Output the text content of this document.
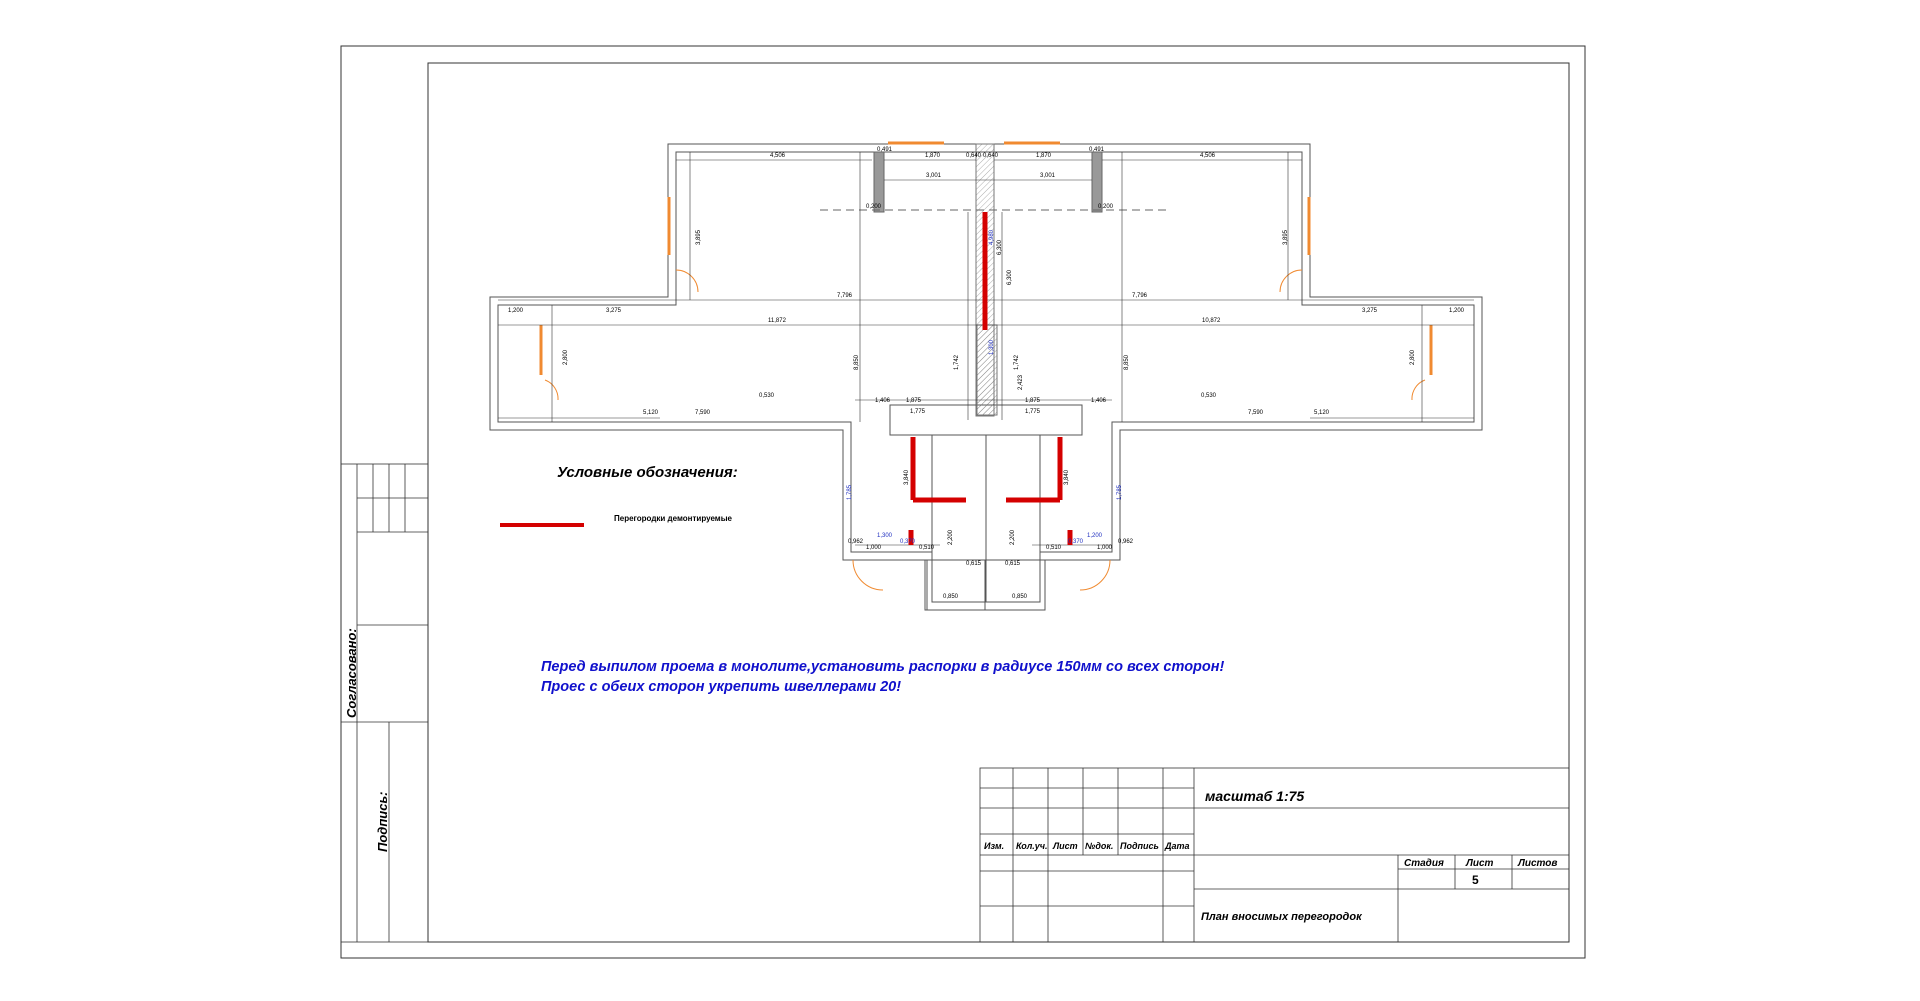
Согласовано:
Подпись:	масштаб 1:75
Изм. Кол.уч. Лист №док. Подпись Дата
Стадия Лист Листов
5
План вносимых перегородок
4,506
0,491
1,870	0,640 0,640	1,870
0,491
4,506
3,001	3,001
0,200	0,200
7,796	7,796
11,872	10,872
3,275	3,275
1,200	1,200
5,120	7,590
0,530
5,120
7,590
0,530
1,406	1,875	1,875	1,406
1,775	1,775
0,962
1,000
0,962
1,000
1,300	1,200
0,370	0,370
0,510	0,510
0,615	0,615
0,850	0,850
6,300
6,300
4,980
1,300
1,742	1,742
2,423
8,850	8,850
1,785	1,785
3,840	3,840
2,200	2,200
3,895	3,895
2,800	2,800
Условные обозначения:
Перегородки демонтируемые
Перед выпилом проема в монолите,установить распорки в радиусе 150мм со всех сторон!
Проес с обеих сторон укрепить швеллерами 20!
